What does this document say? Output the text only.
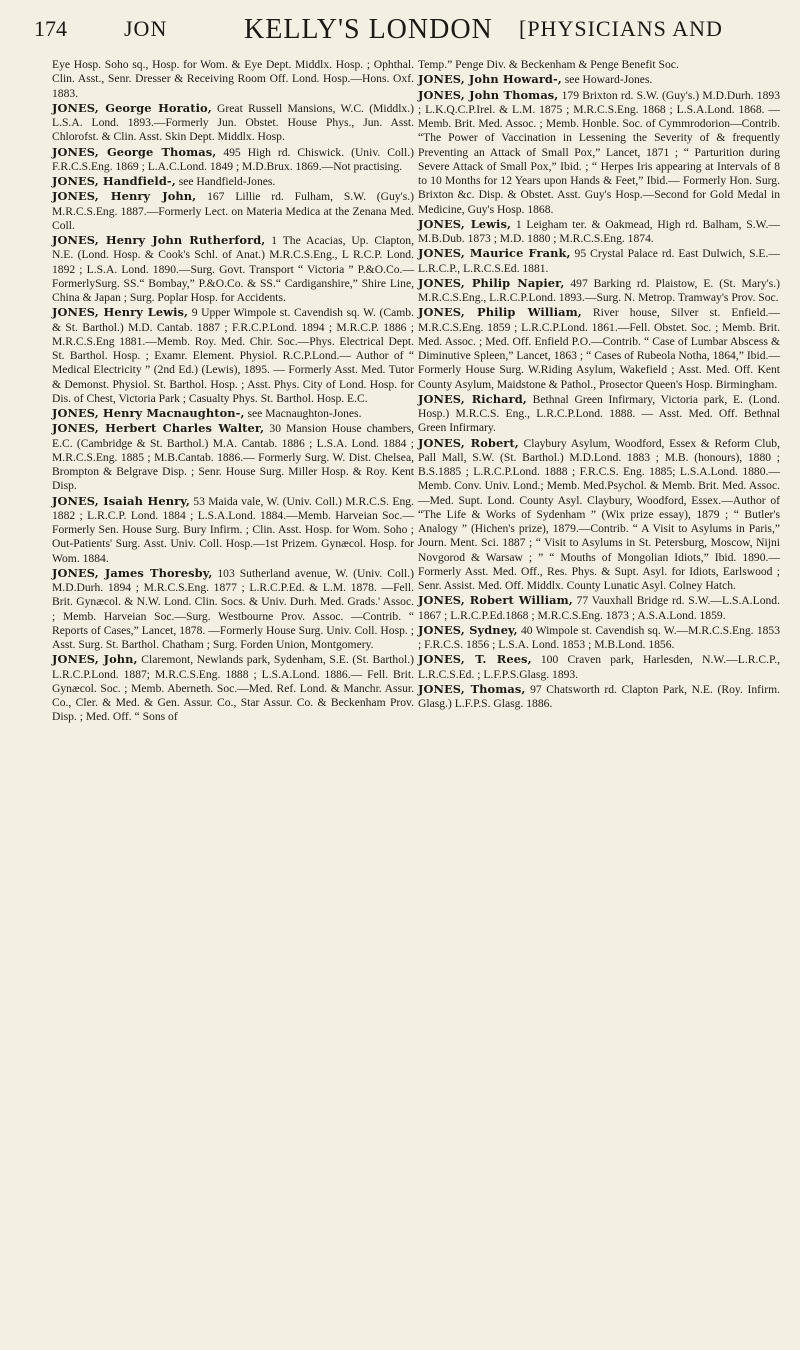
174	JON	KELLY'S LONDON [PHYSICIANS AND

Eye Hosp. Soho sq., Hosp. for Wom. & Eye Dept. Middlx. Hosp. ; Ophthal. Clin. Asst., Senr. Dresser & Receiving Room Off. Lond. Hosp.—Hons. Oxf. 1883.

JONES, George Horatio, Great Russell Mansions, W.C. (Middlx.) L.S.A. Lond. 1893.—Formerly Jun. Obstet. House Phys., Jun. Asst. Chlorofst. & Clin. Asst. Skin Dept. Middlx. Hosp.

JONES, George Thomas, 495 High rd. Chiswick. (Univ. Coll.) F.R.C.S.Eng. 1869 ; L.A.C.Lond. 1849 ; M.D.Brux. 1869.—Not practising.

JONES, Handfield-, see Handfield-Jones.

JONES, Henry John, 167 Lillie rd. Fulham, S.W. (Guy's.) M.R.C.S.Eng. 1887.—Formerly Lect. on Materia Medica at the Zenana Med. Coll.

JONES, Henry John Rutherford, 1 The Acacias, Up. Clapton, N.E. (Lond. Hosp. & Cook's Schl. of Anat.) M.R.C.S.Eng., L R.C.P. Lond. 1892 ; L.S.A. Lond. 1890.—Surg. Govt. Transport “ Victoria ” P.&O.Co.—FormerlySurg. SS.“ Bombay,” P.&O.Co. & SS.“ Cardiganshire,” Shire Line, China & Japan ; Surg. Poplar Hosp. for Accidents.

JONES, Henry Lewis, 9 Upper Wimpole st. Cavendish sq. W. (Camb. & St. Barthol.) M.D. Cantab. 1887 ; F.R.C.P.Lond. 1894 ; M.R.C.P. 1886 ; M.R.C.S.Eng 1881.—Memb. Roy. Med. Chir. Soc.—Phys. Electrical Dept. St. Barthol. Hosp. ; Examr. Element. Physiol. R.C.P.Lond.— Author of “ Medical Electricity ” (2nd Ed.) (Lewis), 1895. — Formerly Asst. Med. Tutor & Demonst. Physiol. St. Barthol. Hosp. ; Asst. Phys. City of Lond. Hosp. for Dis. of Chest, Victoria Park ; Casualty Phys. St. Barthol. Hosp. E.C.

JONES, Henry Macnaughton-, see Macnaughton-Jones.

JONES, Herbert Charles Walter, 30 Mansion House chambers, E.C. (Cambridge & St. Barthol.) M.A. Cantab. 1886 ; L.S.A. Lond. 1884 ; M.R.C.S.Eng. 1885 ; M.B.Cantab. 1886.— Formerly Surg. W. Dist. Chelsea, Brompton & Belgrave Disp. ; Senr. House Surg. Miller Hosp. & Roy. Kent Disp.

JONES, Isaiah Henry, 53 Maida vale, W. (Univ. Coll.) M.R.C.S. Eng. 1882 ; L.R.C.P. Lond. 1884 ; L.S.A.Lond. 1884.—Memb. Harveian Soc.—Formerly Sen. House Surg. Bury Infirm. ; Clin. Asst. Hosp. for Wom. Soho ; Out-Patients' Surg. Asst. Univ. Coll. Hosp.—1st Prizem. Gynæcol. Hosp. for Wom. 1884.

JONES, James Thoresby, 103 Sutherland avenue, W. (Univ. Coll.) M.D.Durh. 1894 ; M.R.C.S.Eng. 1877 ; L.R.C.P.Ed. & L.M. 1878. —Fell. Brit. Gynæcol. & N.W. Lond. Clin. Socs. & Univ. Durh. Med. Grads.' Assoc. ; Memb. Harveian Soc.—Surg. Westbourne Prov. Assoc. —Contrib. “ Reports of Cases,” Lancet, 1878. —Formerly House Surg. Univ. Coll. Hosp. ; Asst. Surg. St. Barthol. Chatham ; Surg. Forden Union, Montgomery.

JONES, John, Claremont, Newlands park, Sydenham, S.E. (St. Barthol.) L.R.C.P.Lond. 1887; M.R.C.S.Eng. 1888 ; L.S.A.Lond. 1886.— Fell. Brit. Gynæcol. Soc. ; Memb. Aberneth. Soc.—Med. Ref. Lond. & Manchr. Assur. Co., Cler. & Med. & Gen. Assur. Co., Star Assur. Co. & Beckenham Prov. Disp. ; Med. Off. “ Sons of

Temp.” Penge Div. & Beckenham & Penge Benefit Soc.

JONES, John Howard-, see Howard-Jones.

JONES, John Thomas, 179 Brixton rd. S.W. (Guy's.) M.D.Durh. 1893 ; L.K.Q.C.P.Irel. & L.M. 1875 ; M.R.C.S.Eng. 1868 ; L.S.A.Lond. 1868. — Memb. Brit. Med. Assoc. ; Memb. Honble. Soc. of Cymmrodorion—Contrib. “The Power of Vaccination in Lessening the Severity of & frequently Preventing an Attack of Small Pox,” Lancet, 1871 ; “ Parturition during Severe Attack of Small Pox,” Ibid. ; “ Herpes Iris appearing at Intervals of 8 to 10 Months for 12 Years upon Hands & Feet,” Ibid.— Formerly Hon. Surg. Brixton &c. Disp. & Obstet. Asst. Guy's Hosp.—Second for Gold Medal in Medicine, Guy's Hosp. 1868.

JONES, Lewis, 1 Leigham ter. & Oakmead, High rd. Balham, S.W.—M.B.Dub. 1873 ; M.D. 1880 ; M.R.C.S.Eng. 1874.

JONES, Maurice Frank, 95 Crystal Palace rd. East Dulwich, S.E.—L.R.C.P., L.R.C.S.Ed. 1881.

JONES, Philip Napier, 497 Barking rd. Plaistow, E. (St. Mary's.) M.R.C.S.Eng., L.R.C.P.Lond. 1893.—Surg. N. Metrop. Tramway's Prov. Soc.

JONES, Philip William, River house, Silver st. Enfield.—M.R.C.S.Eng. 1859 ; L.R.C.P.Lond. 1861.—Fell. Obstet. Soc. ; Memb. Brit. Med. Assoc. ; Med. Off. Enfield P.O.—Contrib. “ Case of Lumbar Abscess & Diminutive Spleen,” Lancet, 1863 ; “ Cases of Rubeola Notha, 1864,” Ibid.—Formerly House Surg. W.Riding Asylum, Wakefield ; Asst. Med. Off. Kent County Asylum, Maidstone & Pathol., Prosector Queen's Hosp. Birmingham.

JONES, Richard, Bethnal Green Infirmary, Victoria park, E. (Lond. Hosp.) M.R.C.S. Eng., L.R.C.P.Lond. 1888. — Asst. Med. Off. Bethnal Green Infirmary.

JONES, Robert, Claybury Asylum, Woodford, Essex & Reform Club, Pall Mall, S.W. (St. Barthol.) M.D.Lond. 1883 ; M.B. (honours), 1880 ; B.S.1885 ; L.R.C.P.Lond. 1888 ; F.R.C.S. Eng. 1885; L.S.A.Lond. 1880.—Memb. Conv. Univ. Lond.; Memb. Med.Psychol. & Memb. Brit. Med. Assoc.—Med. Supt. Lond. County Asyl. Claybury, Woodford, Essex.—Author of “The Life & Works of Sydenham ” (Wix prize essay), 1879 ; “ Butler's Analogy ” (Hichen's prize), 1879.—Contrib. “ A Visit to Asylums in Paris,” Journ. Ment. Sci. 1887 ; “ Visit to Asylums in St. Petersburg, Moscow, Nijni Novgorod & Warsaw ; ” “ Mouths of Mongolian Idiots,” Ibid. 1890.—Formerly Asst. Med. Off., Res. Phys. & Supt. Asyl. for Idiots, Earlswood ; Senr. Assist. Med. Off. Middlx. County Lunatic Asyl. Colney Hatch.

JONES, Robert William, 77 Vauxhall Bridge rd. S.W.—L.S.A.Lond. 1867 ; L.R.C.P.Ed.1868 ; M.R.C.S.Eng. 1873 ; A.S.A.Lond. 1859.

JONES, Sydney, 40 Wimpole st. Cavendish sq. W.—M.R.C.S.Eng. 1853 ; F.R.C.S. 1856 ; L.S.A. Lond. 1853 ; M.B.Lond. 1856.

JONES, T. Rees, 100 Craven park, Harlesden, N.W.—L.R.C.P., L.R.C.S.Ed. ; L.F.P.S.Glasg. 1893.

JONES, Thomas, 97 Chatsworth rd. Clapton Park, N.E. (Roy. Infirm. Glasg.) L.F.P.S. Glasg. 1886.
